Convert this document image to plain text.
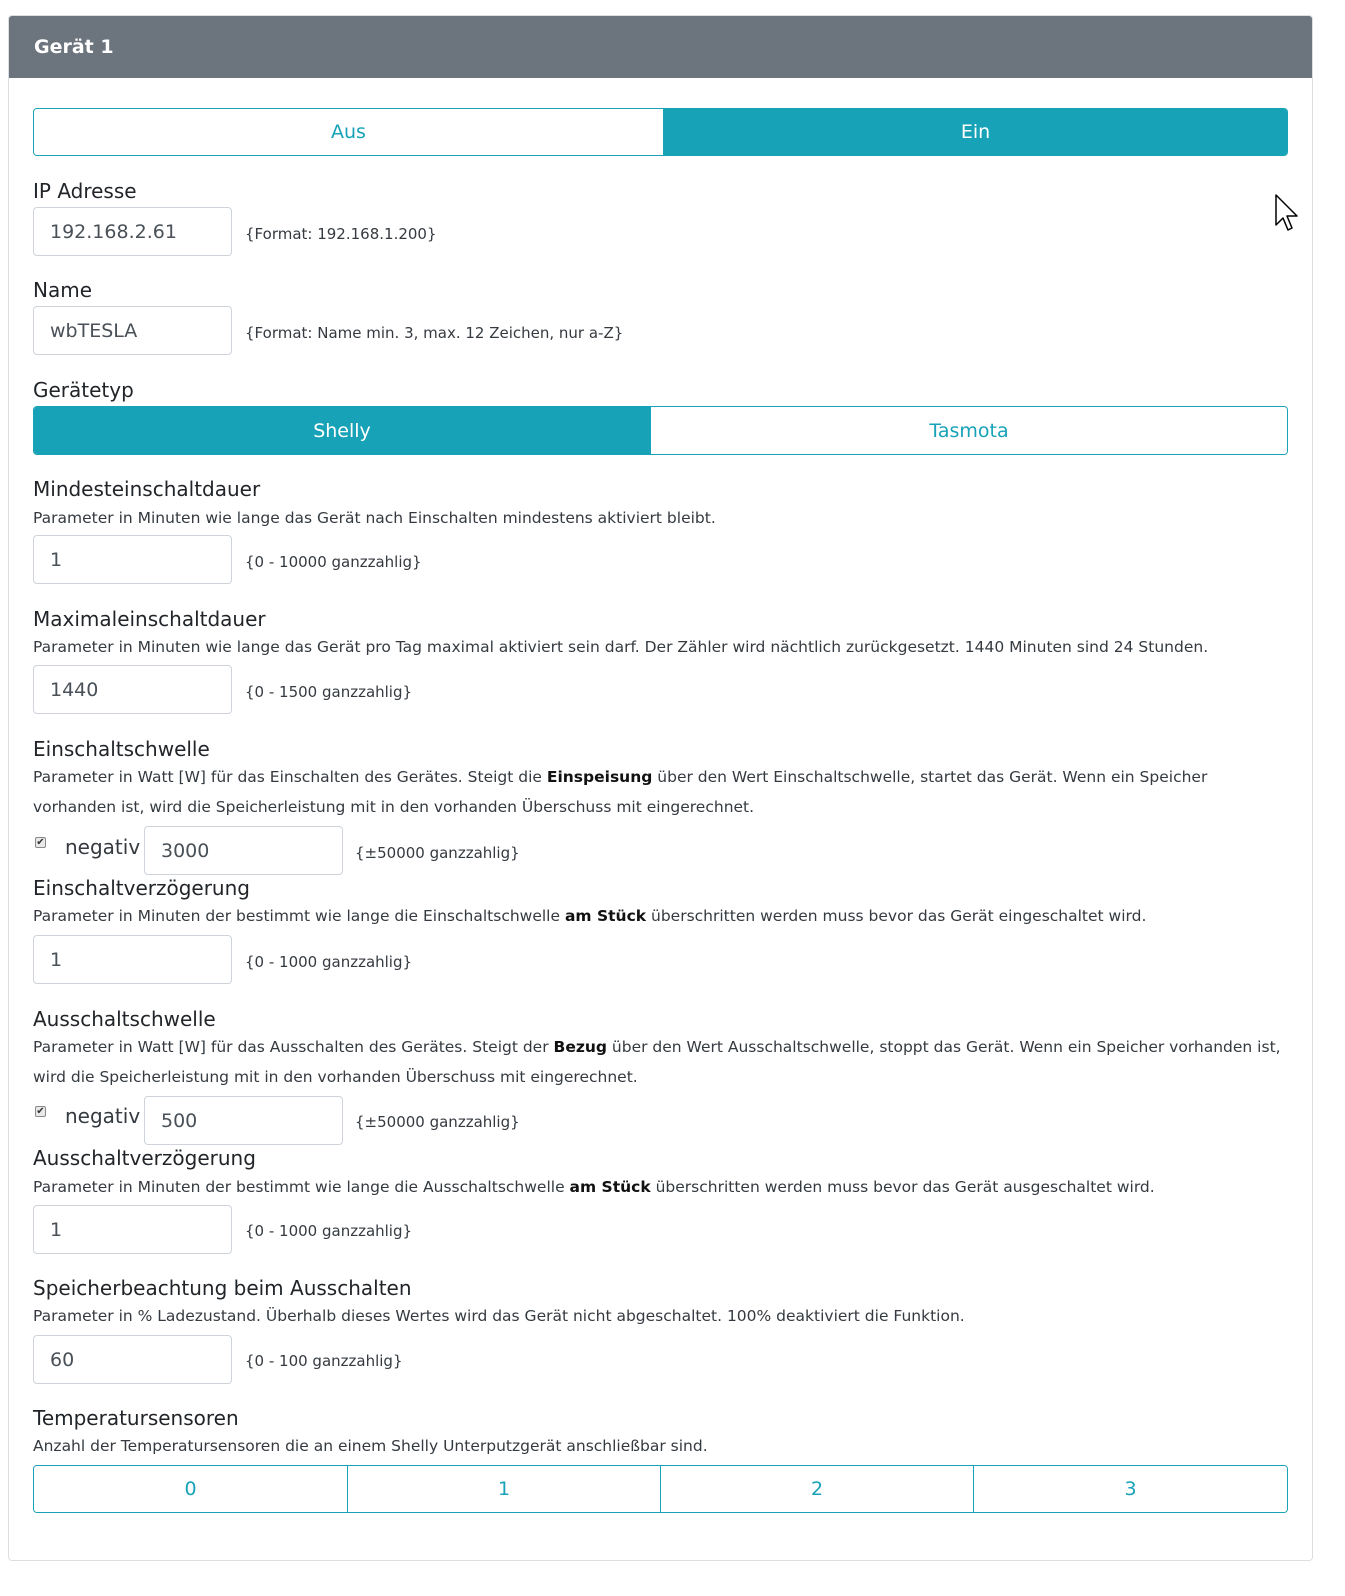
Gerät 1
Aus	Ein
IP Adresse
192.168.2.61
{Format: 192.168.1.200}
Name
wbTESLA
{Format: Name min. 3, max. 12 Zeichen, nur a-Z}
Gerätetyp
Shelly	Tasmota
Mindesteinschaltdauer
Parameter in Minuten wie lange das Gerät nach Einschalten mindestens aktiviert bleibt.
1
{0 - 10000 ganzzahlig}
Maximaleinschaltdauer
Parameter in Minuten wie lange das Gerät pro Tag maximal aktiviert sein darf. Der Zähler wird nächtlich zurückgesetzt. 1440 Minuten sind 24 Stunden.
1440
{0 - 1500 ganzzahlig}
Einschaltschwelle
Parameter in Watt [W] für das Einschalten des Gerätes. Steigt die Einspeisung über den Wert Einschaltschwelle, startet das Gerät. Wenn ein Speicher vorhanden ist, wird die Speicherleistung mit in den vorhanden Überschuss mit eingerechnet.
✔ negativ
3000	{±50000 ganzzahlig}
Einschaltverzögerung
Parameter in Minuten der bestimmt wie lange die Einschaltschwelle am Stück überschritten werden muss bevor das Gerät eingeschaltet wird.
1
{0 - 1000 ganzzahlig}
Ausschaltschwelle
Parameter in Watt [W] für das Ausschalten des Gerätes. Steigt der Bezug über den Wert Ausschaltschwelle, stoppt das Gerät. Wenn ein Speicher vorhanden ist, wird die Speicherleistung mit in den vorhanden Überschuss mit eingerechnet.
✔ negativ
500	{±50000 ganzzahlig}
Ausschaltverzögerung
Parameter in Minuten der bestimmt wie lange die Ausschaltschwelle am Stück überschritten werden muss bevor das Gerät ausgeschaltet wird.
1
{0 - 1000 ganzzahlig}
Speicherbeachtung beim Ausschalten
Parameter in % Ladezustand. Überhalb dieses Wertes wird das Gerät nicht abgeschaltet. 100% deaktiviert die Funktion.
60
{0 - 100 ganzzahlig}
Temperatursensoren
Anzahl der Temperatursensoren die an einem Shelly Unterputzgerät anschließbar sind.
0	1	2	3
